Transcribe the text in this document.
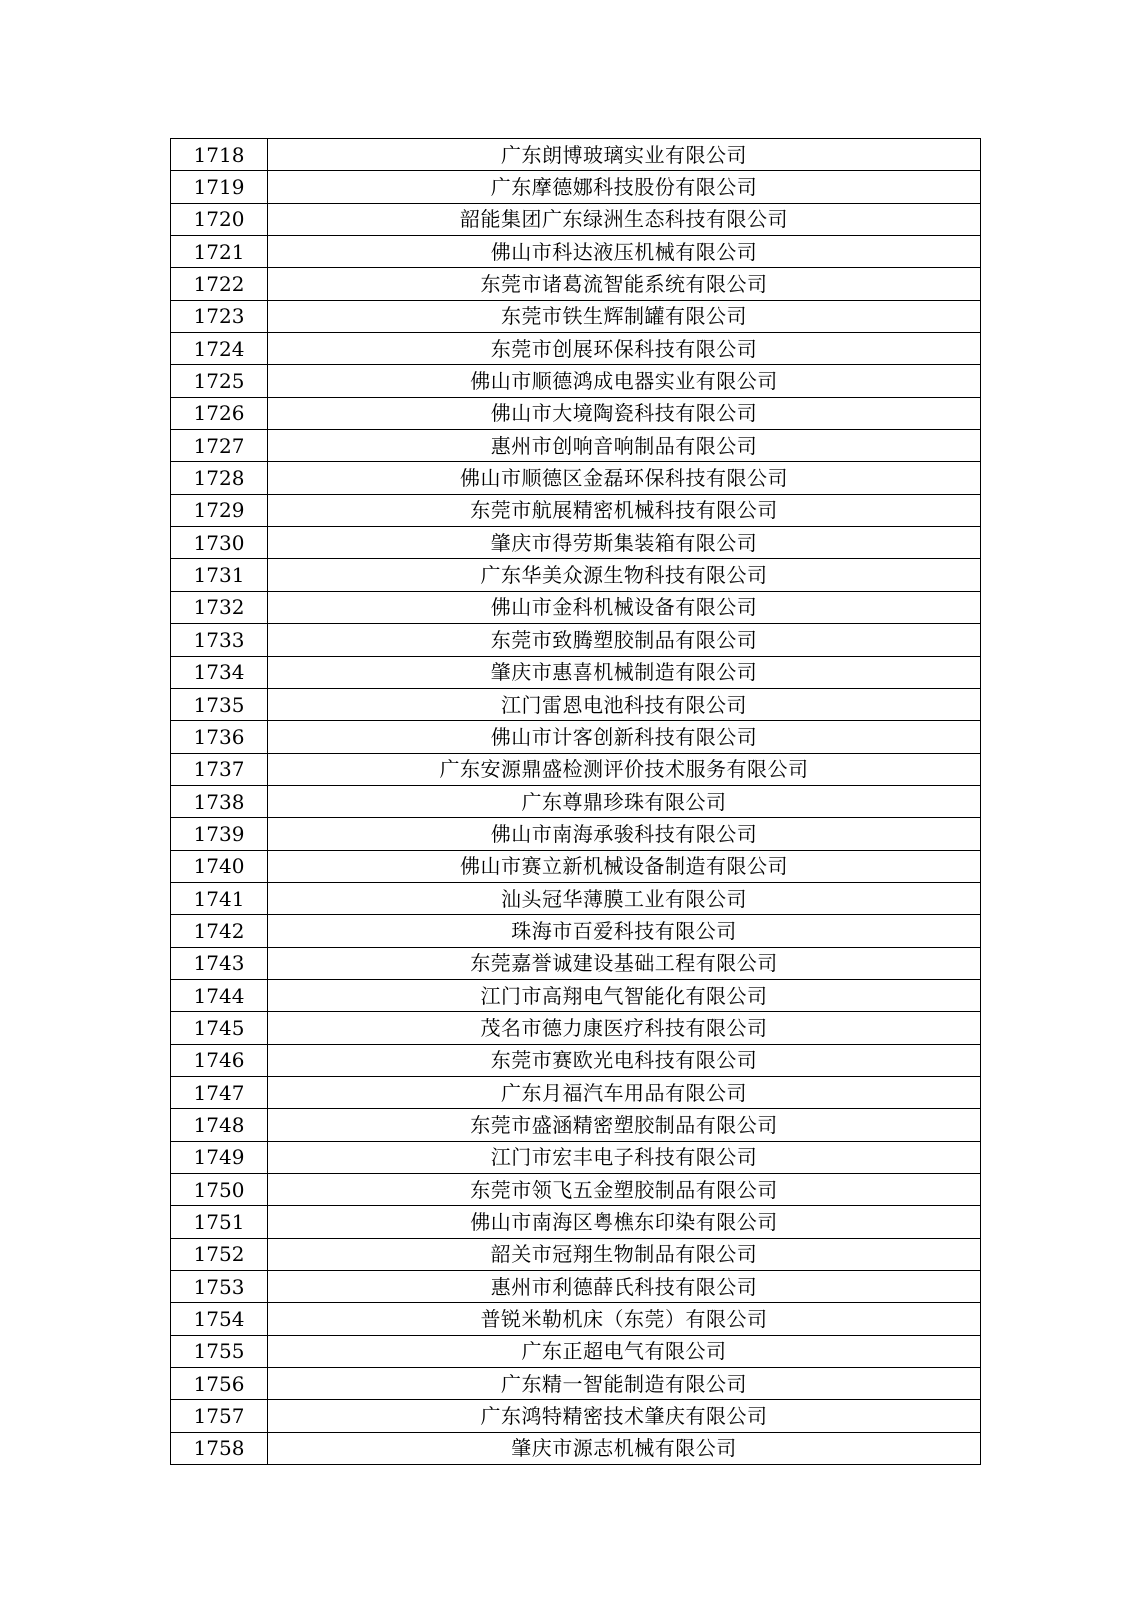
1718	广东朗博玻璃实业有限公司
1719	广东摩德娜科技股份有限公司
1720	韶能集团广东绿洲生态科技有限公司
1721	佛山市科达液压机械有限公司
1722	东莞市诸葛流智能系统有限公司
1723	东莞市铁生辉制罐有限公司
1724	东莞市创展环保科技有限公司
1725	佛山市顺德鸿成电器实业有限公司
1726	佛山市大境陶瓷科技有限公司
1727	惠州市创响音响制品有限公司
1728	佛山市顺德区金磊环保科技有限公司
1729	东莞市航展精密机械科技有限公司
1730	肇庆市得劳斯集装箱有限公司
1731	广东华美众源生物科技有限公司
1732	佛山市金科机械设备有限公司
1733	东莞市致腾塑胶制品有限公司
1734	肇庆市惠喜机械制造有限公司
1735	江门雷恩电池科技有限公司
1736	佛山市计客创新科技有限公司
1737	广东安源鼎盛检测评价技术服务有限公司
1738	广东尊鼎珍珠有限公司
1739	佛山市南海承骏科技有限公司
1740	佛山市赛立新机械设备制造有限公司
1741	汕头冠华薄膜工业有限公司
1742	珠海市百爱科技有限公司
1743	东莞嘉誉诚建设基础工程有限公司
1744	江门市高翔电气智能化有限公司
1745	茂名市德力康医疗科技有限公司
1746	东莞市赛欧光电科技有限公司
1747	广东月福汽车用品有限公司
1748	东莞市盛涵精密塑胶制品有限公司
1749	江门市宏丰电子科技有限公司
1750	东莞市领飞五金塑胶制品有限公司
1751	佛山市南海区粤樵东印染有限公司
1752	韶关市冠翔生物制品有限公司
1753	惠州市利德薛氏科技有限公司
1754	普锐米勒机床（东莞）有限公司
1755	广东正超电气有限公司
1756	广东精一智能制造有限公司
1757	广东鸿特精密技术肇庆有限公司
1758	肇庆市源志机械有限公司
